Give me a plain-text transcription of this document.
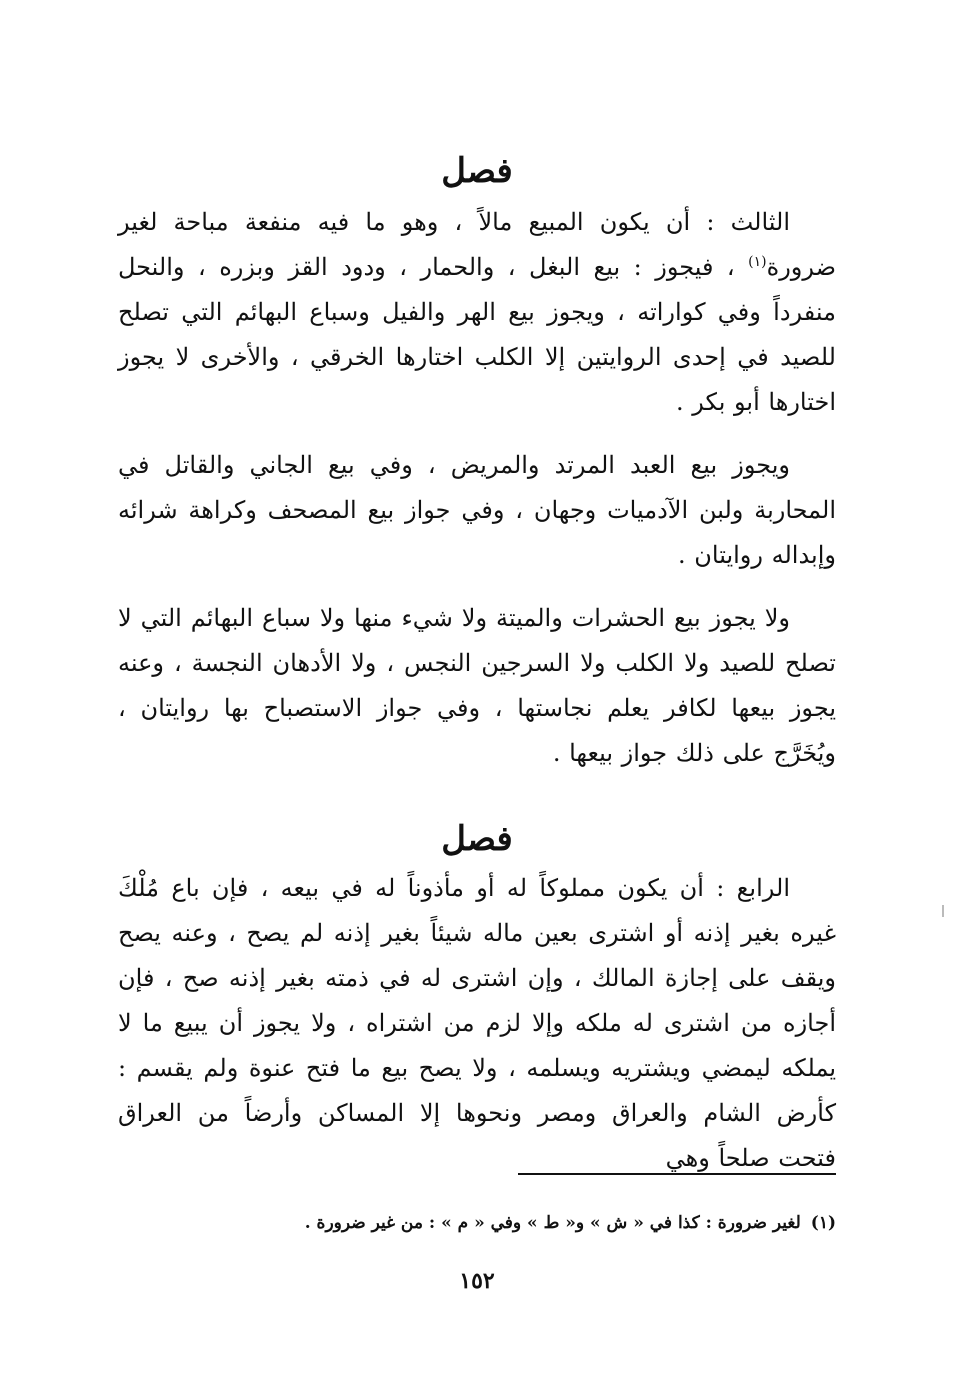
فصل

الثالث : أن يكون المبيع مالاً ، وهو ما فيه منفعة مباحة لغير ضرورة$^{(١)}$ ، فيجوز : بيع البغل ، والحمار ، ودود القز وبزره ، والنحل منفرداً وفي كواراته ، ويجوز بيع الهر والفيل وسباع البهائم التي تصلح للصيد في إحدى الروايتين إلا الكلب اختارها الخرقي ، والأخرى لا يجوز اختارها أبو بكر .

ويجوز بيع العبد المرتد والمريض ، وفي بيع الجاني والقاتل في المحاربة ولبن الآدميات وجهان ، وفي جواز بيع المصحف وكراهة شرائه وإبداله روايتان .

ولا يجوز بيع الحشرات والميتة ولا شيء منها ولا سباع البهائم التي لا تصلح للصيد ولا الكلب ولا السرجين النجس ، ولا الأدهان النجسة ، وعنه يجوز بيعها لكافر يعلم نجاستها ، وفي جواز الاستصباح بها روايتان ، ويُخَرَّج على ذلك جواز بيعها .

فصل

الرابع : أن يكون مملوكاً له أو مأذوناً له في بيعه ، فإن باع مُلْكَ غيره بغير إذنه أو اشترى بعين ماله شيئاً بغير إذنه لم يصح ، وعنه يصح ويقف على إجازة المالك ، وإن اشترى له في ذمته بغير إذنه صح ، فإن أجازه من اشترى له ملكه وإلا لزم من اشتراه ، ولا يجوز أن يبيع ما لا يملكه ليمضي ويشتريه ويسلمه ، ولا يصح بيع ما فتح عنوة ولم يقسم : كأرض الشام والعراق ومصر ونحوها إلا المساكن وأرضاً من العراق فتحت صلحاً وهي

(١)لغير ضرورة : كذا في « ش » و« ط » وفي « م » : من غير ضرورة .
١٥٢
